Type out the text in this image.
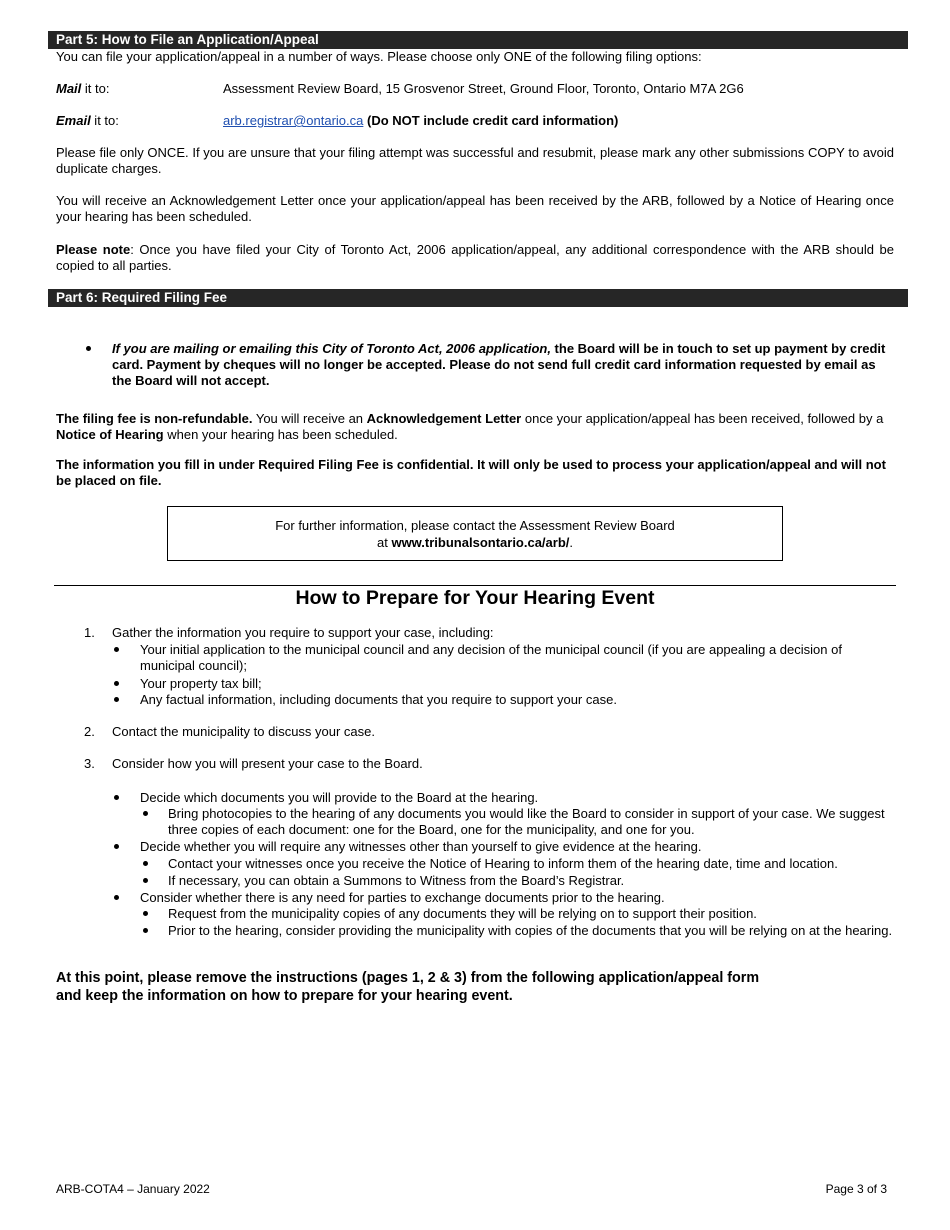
Part 5: How to File an Application/Appeal

You can file your application/appeal in a number of ways. Please choose only ONE of the following filing options:

Mail it to:	Assessment Review Board, 15 Grosvenor Street, Ground Floor, Toronto, Ontario M7A 2G6
Email it to:	arb.registrar@ontario.ca (Do NOT include credit card information)

Please file only ONCE. If you are unsure that your filing attempt was successful and resubmit, please mark any other submissions COPY to avoid duplicate charges.

You will receive an Acknowledgement Letter once your application/appeal has been received by the ARB, followed by a Notice of Hearing once your hearing has been scheduled.

Please note: Once you have filed your City of Toronto Act, 2006 application/appeal, any additional correspondence with the ARB should be copied to all parties.

Part 6: Required Filing Fee
If you are mailing or emailing this City of Toronto Act, 2006 application, the Board will be in touch to set up payment by credit card. Payment by cheques will no longer be accepted. Please do not send full credit card information requested by email as the Board will not accept.

The filing fee is non-refundable. You will receive an Acknowledgement Letter once your application/appeal has been received, followed by a Notice of Hearing when your hearing has been scheduled.

The information you fill in under Required Filing Fee is confidential. It will only be used to process your application/appeal and will not be placed on file.

For further information, please contact the Assessment Review Board
at www.tribunalsontario.ca/arb/.
How to Prepare for Your Hearing Event
1. Gather the information you require to support your case, including:
Your initial application to the municipal council and any decision of the municipal council (if you are appealing a decision of municipal council);
Your property tax bill;
Any factual information, including documents that you require to support your case.
2. Contact the municipality to discuss your case.
3. Consider how you will present your case to the Board.
Decide which documents you will provide to the Board at the hearing.
Bring photocopies to the hearing of any documents you would like the Board to consider in support of your case. We suggest three copies of each document: one for the Board, one for the municipality, and one for you.
Decide whether you will require any witnesses other than yourself to give evidence at the hearing.
Contact your witnesses once you receive the Notice of Hearing to inform them of the hearing date, time and location.
If necessary, you can obtain a Summons to Witness from the Board’s Registrar.
Consider whether there is any need for parties to exchange documents prior to the hearing.
Request from the municipality copies of any documents they will be relying on to support their position.
Prior to the hearing, consider providing the municipality with copies of the documents that you will be relying on at the hearing.
At this point, please remove the instructions (pages 1, 2 & 3) from the following application/appeal form
and keep the information on how to prepare for your hearing event.
ARB-COTA4 – January 2022	Page 3 of 3
